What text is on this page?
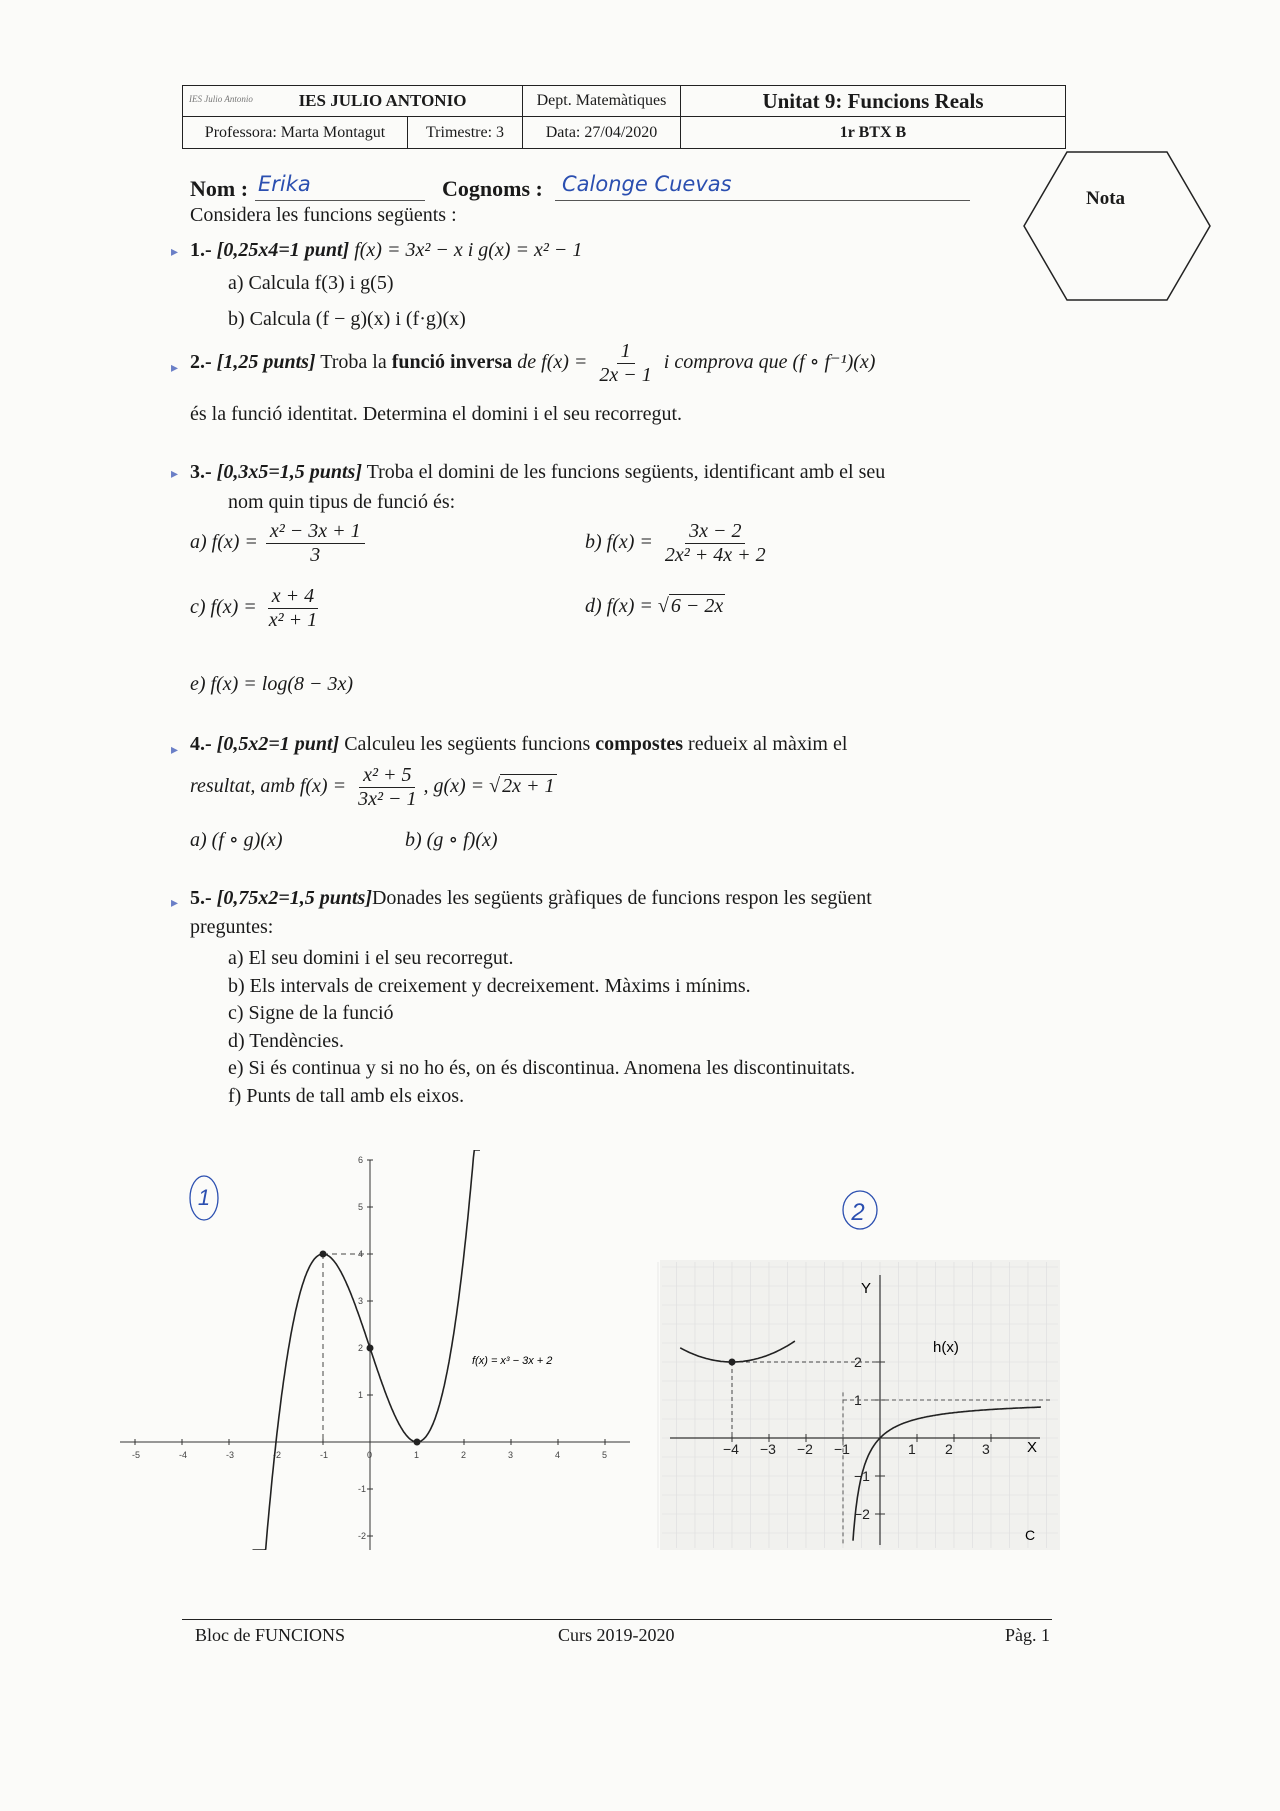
IES Julio Antonio	IES JULIO ANTONIO	Dept. Matemàtiques	Unitat 9: Funcions Reals
Professora: Marta Montagut	Trimestre: 3	Data: 27/04/2020	1r BTX B
Nota
Nom : Erika	Cognoms : Calonge Cuevas
Considera les funcions següents :
▸ 1.- [0,25x4=1 punt] f(x) = 3x² − x i g(x) = x² − 1
a) Calcula f(3) i g(5)
b) Calcula (f − g)(x) i (f·g)(x)
▸ 2.- [1,25 punts] Troba la funció inversa de $f(x) = \frac{1}{2x - 1}$ i comprova que (f ∘ f⁻¹)(x)
és la funció identitat. Determina el domini i el seu recorregut.
▸ 3.- [0,3x5=1,5 punts] Troba el domini de les funcions següents, identificant amb el seu
nom quin tipus de funció és:
a) $f(x) = \frac{\text{x² − 3x + 1}}{3}$	b) $f(x) = \frac{3x - 2}{\text{2x² + 4x + 2}}$
c) $f(x) = \frac{x + 4}{\text{x² + 1}}$	d) f(x) = √ 6 − 2x
e) f(x) = log(8 − 3x)
▸ 4.- [0,5x2=1 punt] Calculeu les següents funcions compostes redueix al màxim el
resultat, amb $f(x) = \frac{\text{x² + 5}}{\text{3x² − 1}}$ , g(x) = √ 2x + 1
a) (f ∘ g)(x)	b) (g ∘ f)(x)
▸ 5.- [0,75x2=1,5 punts]Donades les següents gràfiques de funcions respon les següent
preguntes:
a) El seu domini i el seu recorregut.
b) Els intervals de creixement y decreixement. Màxims i mínims.
c) Signe de la funció
d) Tendències.
e) Si és continua y si no ho és, on és discontinua. Anomena les discontinuitats.
f) Punts de tall amb els eixos.
1
-5	-4	-3	-2	-1	0	1	2	3	4	5
6
5
4
3
2
1
-1
-2
f(x) = x³ − 3x + 2
2
X
Y
−4 −3 −2 −1	1 2 3
2
1
−1
−2
h(x)
C
Bloc de FUNCIONS	Curs 2019-2020	Pàg. 1
